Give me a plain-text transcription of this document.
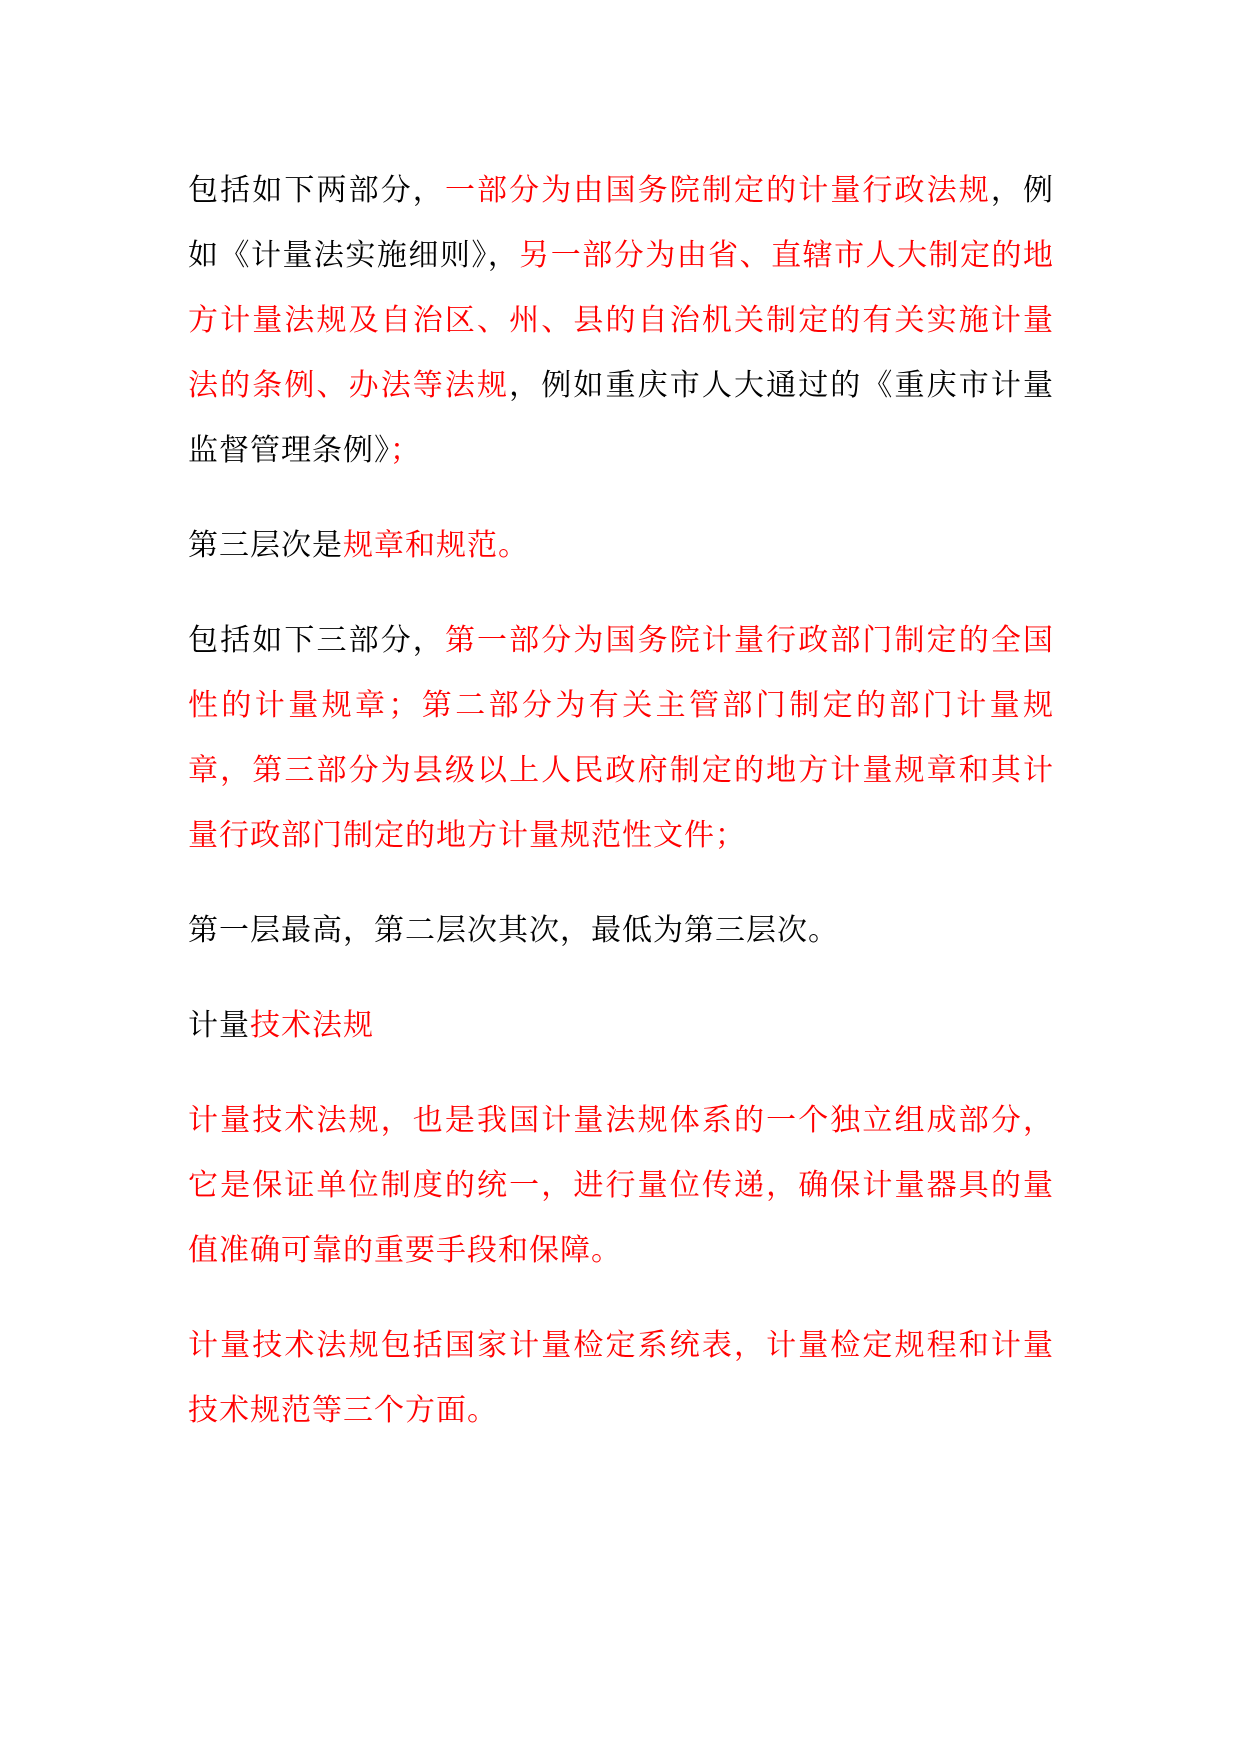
包括如下两部分，一部分为由国务院制定的计量行政法规，例如《计量法实施细则》，另一部分为由省、直辖市人大制定的地方计量法规及自治区、州、县的自治机关制定的有关实施计量法的条例、办法等法规，例如重庆市人大通过的《重庆市计量监督管理条例》；

第三层次是规章和规范。

包括如下三部分，第一部分为国务院计量行政部门制定的全国性的计量规章；第二部分为有关主管部门制定的部门计量规章，第三部分为县级以上人民政府制定的地方计量规章和其计量行政部门制定的地方计量规范性文件；

第一层最高，第二层次其次，最低为第三层次。

计量技术法规

计量技术法规，也是我国计量法规体系的一个独立组成部分，它是保证单位制度的统一，进行量位传递，确保计量器具的量值准确可靠的重要手段和保障。

计量技术法规包括国家计量检定系统表，计量检定规程和计量技术规范等三个方面。
